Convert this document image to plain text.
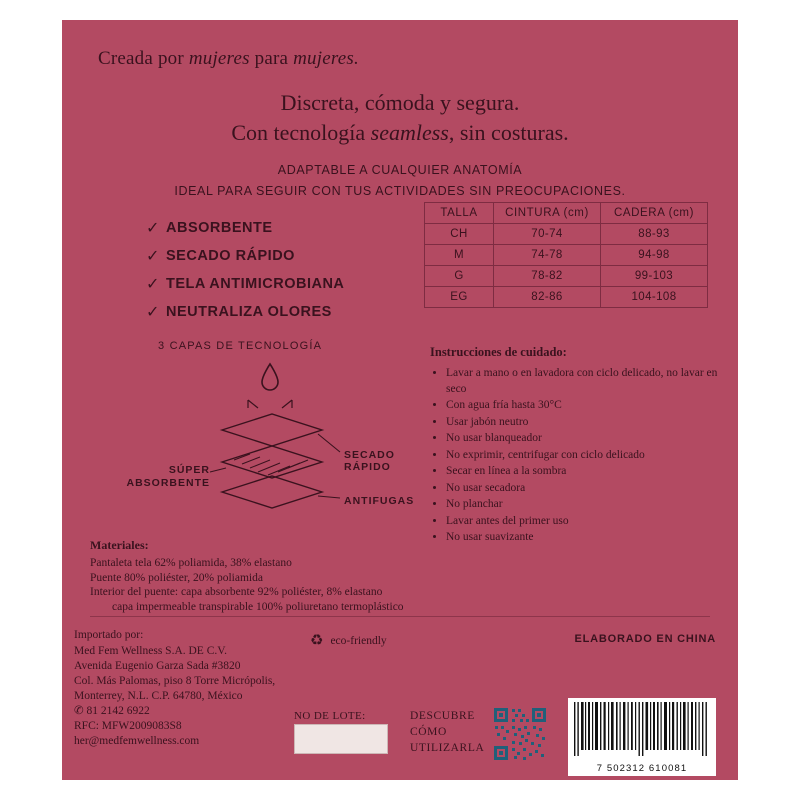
Creada por mujeres para mujeres.
Discreta, cómoda y segura.
Con tecnología seamless, sin costuras.
ADAPTABLE A CUALQUIER ANATOMÍA
IDEAL PARA SEGUIR CON TUS ACTIVIDADES SIN PREOCUPACIONES.
✓ ABSORBENTE
✓ SECADO RÁPIDO
✓ TELA ANTIMICROBIANA
✓ NEUTRALIZA OLORES
TALLA	CINTURA (cm)	CADERA (cm)
CH	70-74	88-93
M	74-78	94-98
G	78-82	99-103
EG	82-86	104-108
3 CAPAS DE TECNOLOGÍA
SECADO RÁPIDO
ANTIFUGAS
SÚPER
ABSORBENTE
Instrucciones de cuidado:
• Lavar a mano o en lavadora con ciclo delicado, no lavar en seco
• Con agua fría hasta 30°C
• Usar jabón neutro
• No usar blanqueador
• No exprimir, centrifugar con ciclo delicado
• Secar en línea a la sombra
• No usar secadora
• No planchar
• Lavar antes del primer uso
• No usar suavizante
Materiales:

Pantaleta tela 62% poliamida, 38% elastano

Puente 80% poliéster, 20% poliamida

Interior del puente: capa absorbente 92% poliéster, 8% elastano

capa impermeable transpirable 100% poliuretano termoplástico

Importado por:
Med Fem Wellness S.A. DE C.V.
Avenida Eugenio Garza Sada #3820
Col. Más Palomas, piso 8 Torre Micrópolis,
Monterrey, N.L. C.P. 64780, México
✆ 81 2142 6922
RFC: MFW2009083S8
her@medfemwellness.com
♻ eco-friendly	ELABORADO EN CHINA
NO DE LOTE:	DESCUBRE
CÓMO
UTILIZARLA
7 502312 610081
